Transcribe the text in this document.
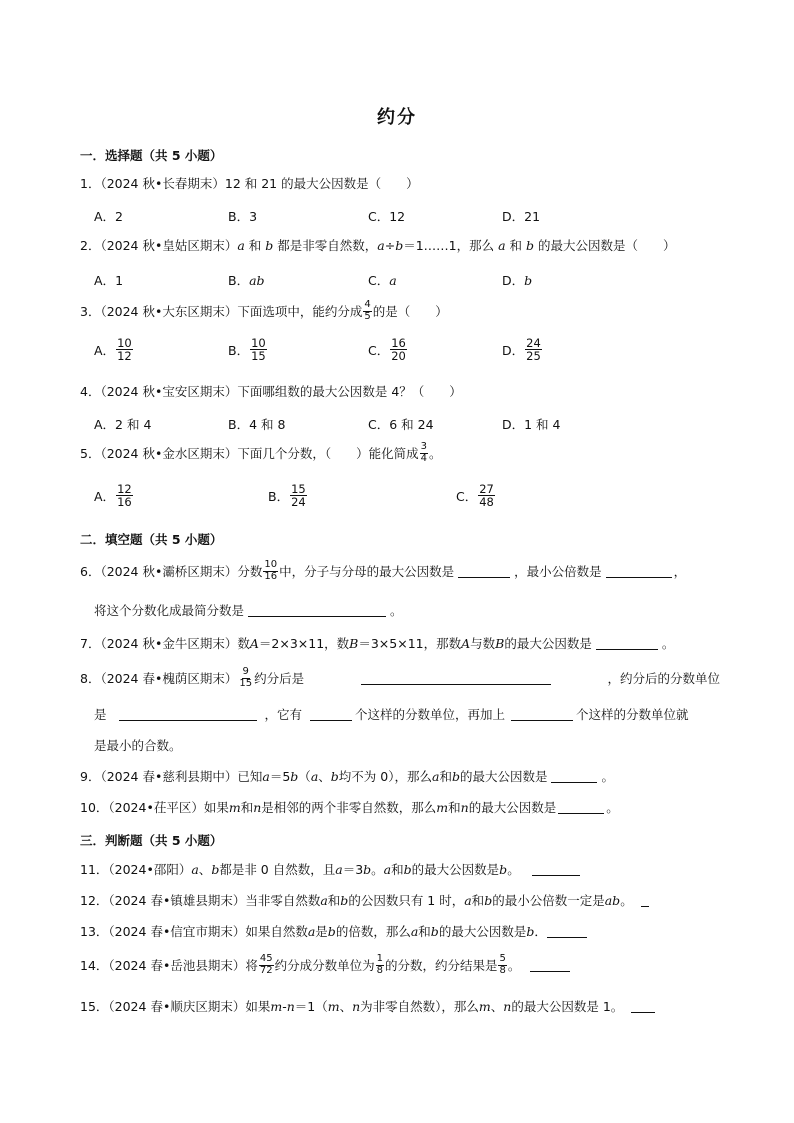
约分
一．选择题（共 5 小题）
1．（2024 秋•长春期末）12 和 21 的最大公因数是（　　）
A．2	B．3	C．12	D．21
2．（2024 秋•皇姑区期末）a 和 b 都是非零自然数，a÷b＝1……1，那么 a 和 b 的最大公因数是（　　）
A． 1	B． ab	C． a	D． b
3．（2024 秋•大东区期末）下面选项中，能约分成 $\frac{4}{5}$ 的是（　　）
A． $\frac{10}{12}$	B． $\frac{10}{15}$	C． $\frac{16}{20}$	D． $\frac{24}{25}$
4．（2024 秋•宝安区期末）下面哪组数的最大公因数是 4？（　　）
A．2 和 4	B．4 和 8	C．6 和 24	D．1 和 4
5．（2024 秋•金水区期末）下面几个分数，（　　）能化简成 $\frac{3}{4}$ 。
A． $\frac{12}{16}$	B． $\frac{15}{24}$	C． $\frac{27}{48}$
二．填空题（共 5 小题）
6．（2024 秋•灞桥区期末）分数 $\frac{10}{16}$ 中，分子与分母的最大公因数是	，最小公倍数是	，
将这个分数化成最简分数是	。
7．（2024 秋•金牛区期末）数 A ＝2×3×11，数 B ＝3×5×11，那数 A 与数 B 的最大公因数是	。
8．（2024 春•槐荫区期末） $\frac{9}{15}$ 约分后是	，约分后的分数单位
是	，它有	个这样的分数单位，再加上	个这样的分数单位就
是最小的合数。
9．（2024 春•慈利县期中）已知 a ＝5 b （ a 、 b 均不为 0），那么 a 和 b 的最大公因数是	。
10．（2024•茌平区）如果 m 和 n 是相邻的两个非零自然数，那么 m 和 n 的最大公因数是	。
三．判断题（共 5 小题）
11．（2024•邵阳） a 、 b 都是非 0 自然数，且 a ＝3 b 。 a 和 b 的最大公因数是 b 。
12．（2024 春•镇雄县期末）当非零自然数 a 和 b 的公因数只有 1 时， a 和 b 的最小公倍数一定是 ab 。
13．（2024 春•信宜市期末）如果自然数 a 是 b 的倍数，那么 a 和 b 的最大公因数是 b ．
14．（2024 春•岳池县期末）将 $\frac{45}{72}$ 约分成分数单位为 $\frac{1}{8}$ 的分数，约分结果是 $\frac{5}{8}$ 。
15．（2024 春•顺庆区期末）如果 m - n ＝1（ m 、 n 为非零自然数），那么 m 、 n 的最大公因数是 1。
